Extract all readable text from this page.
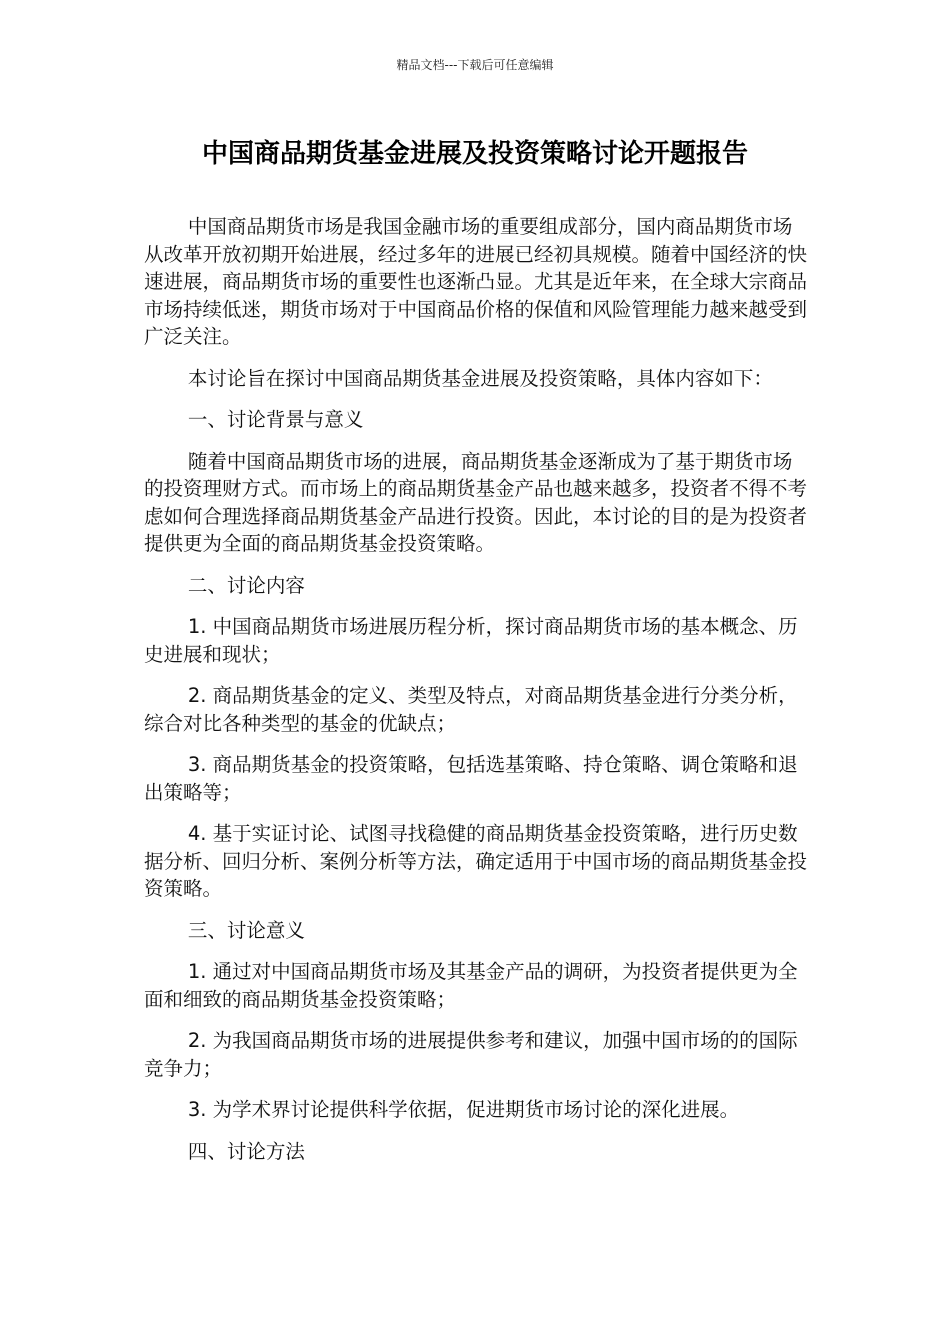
精品文档---下载后可任意编辑
中国商品期货基金进展及投资策略讨论开题报告

中国商品期货市场是我国金融市场的重要组成部分，国内商品期货市场从改革开放初期开始进展，经过多年的进展已经初具规模。随着中国经济的快速进展，商品期货市场的重要性也逐渐凸显。尤其是近年来，在全球大宗商品市场持续低迷，期货市场对于中国商品价格的保值和风险管理能力越来越受到广泛关注。

本讨论旨在探讨中国商品期货基金进展及投资策略，具体内容如下：

一、讨论背景与意义

随着中国商品期货市场的进展，商品期货基金逐渐成为了基于期货市场的投资理财方式。而市场上的商品期货基金产品也越来越多，投资者不得不考虑如何合理选择商品期货基金产品进行投资。因此，本讨论的目的是为投资者提供更为全面的商品期货基金投资策略。

二、讨论内容

1. 中国商品期货市场进展历程分析，探讨商品期货市场的基本概念、历史进展和现状；

2. 商品期货基金的定义、类型及特点，对商品期货基金进行分类分析，综合对比各种类型的基金的优缺点；

3. 商品期货基金的投资策略，包括选基策略、持仓策略、调仓策略和退出策略等；

4. 基于实证讨论、试图寻找稳健的商品期货基金投资策略，进行历史数据分析、回归分析、案例分析等方法，确定适用于中国市场的商品期货基金投资策略。

三、讨论意义

1. 通过对中国商品期货市场及其基金产品的调研，为投资者提供更为全面和细致的商品期货基金投资策略；

2. 为我国商品期货市场的进展提供参考和建议，加强中国市场的的国际竞争力；

3. 为学术界讨论提供科学依据，促进期货市场讨论的深化进展。

四、讨论方法
